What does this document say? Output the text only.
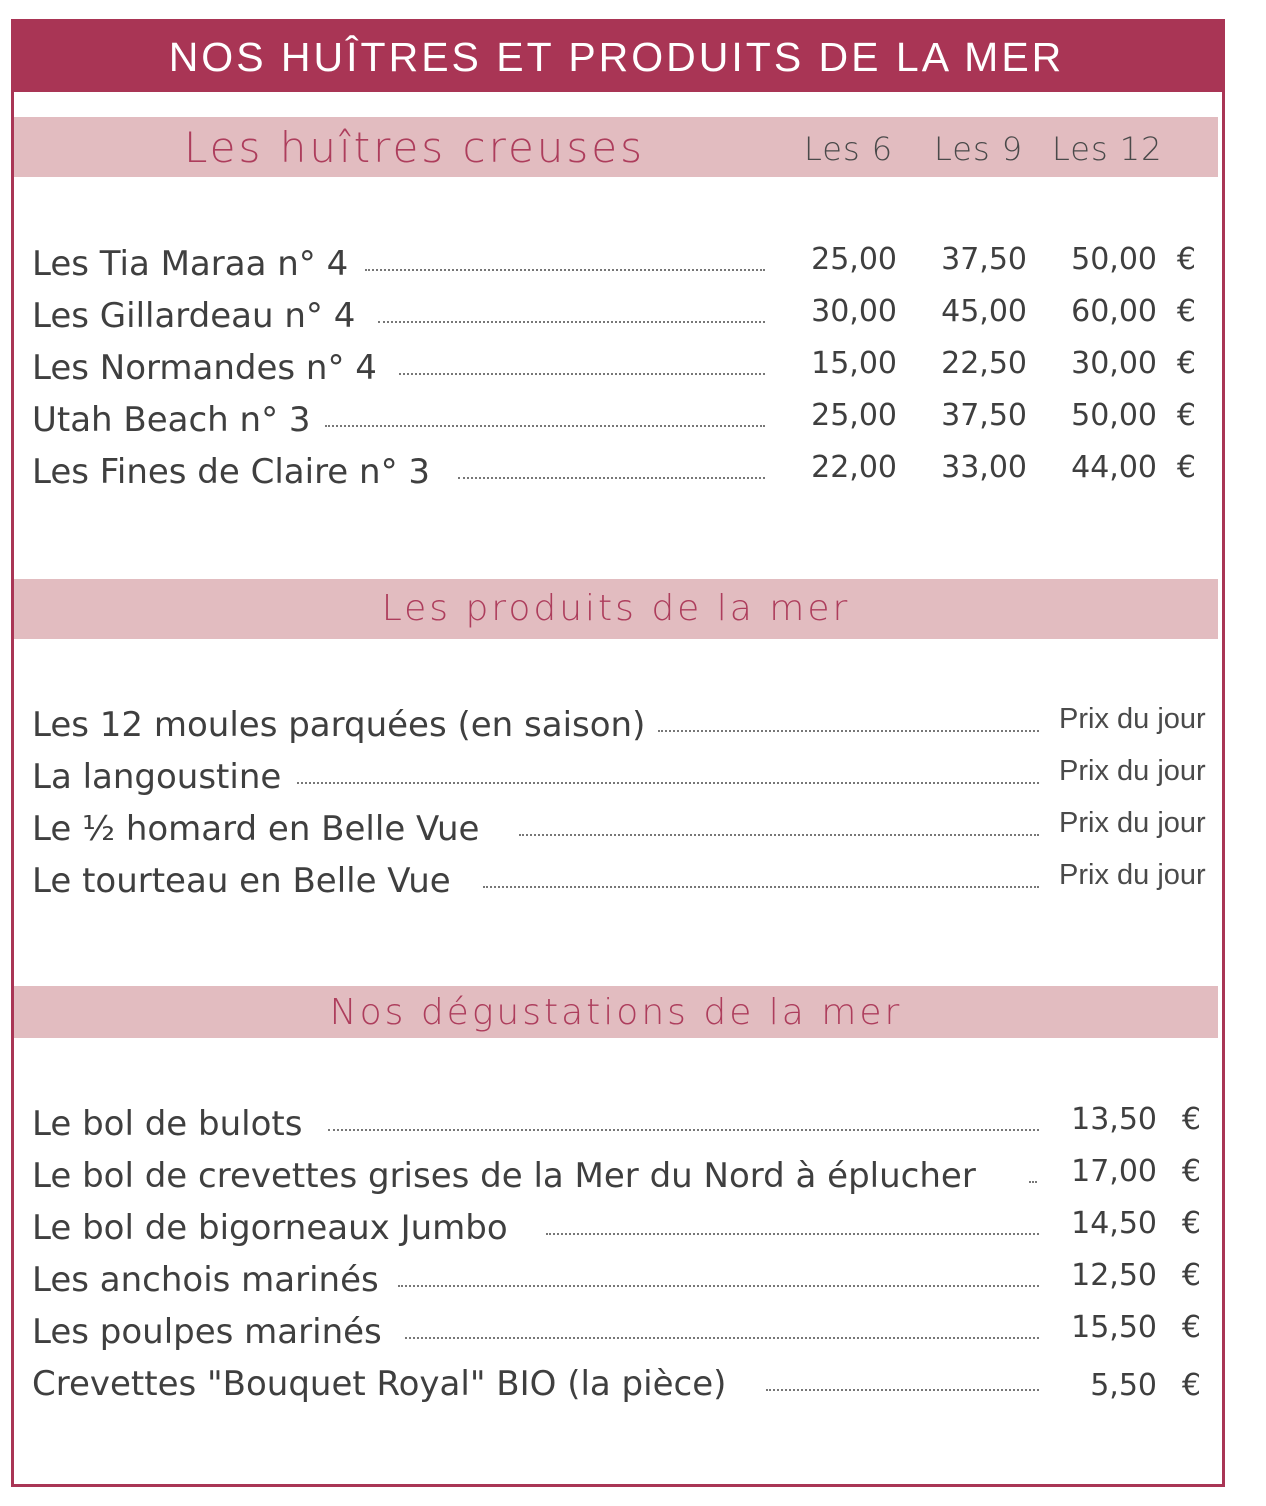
NOS HUÎTRES ET PRODUITS DE LA MER
Les huîtres creuses	Les 6 Les 9 Les 12
Les Tia Maraa n° 4	25,00 37,50 50,00 €
Les Gillardeau n° 4	30,00 45,00 60,00 €
Les Normandes n° 4	15,00 22,50 30,00 €
Utah Beach n° 3	25,00 37,50 50,00 €
Les Fines de Claire n° 3	22,00 33,00 44,00 €
Les produits de la mer
Les 12 moules parquées (en saison)	Prix du jour
La langoustine	Prix du jour
Le ½ homard en Belle Vue	Prix du jour
Le tourteau en Belle Vue	Prix du jour
Nos dégustations de la mer
Le bol de bulots	13,50 €
Le bol de crevettes grises de la Mer du Nord à éplucher	17,00 €
Le bol de bigorneaux Jumbo	14,50 €
Les anchois marinés	12,50 €
Les poulpes marinés	15,50 €
Crevettes "Bouquet Royal" BIO (la pièce)	5,50 €
